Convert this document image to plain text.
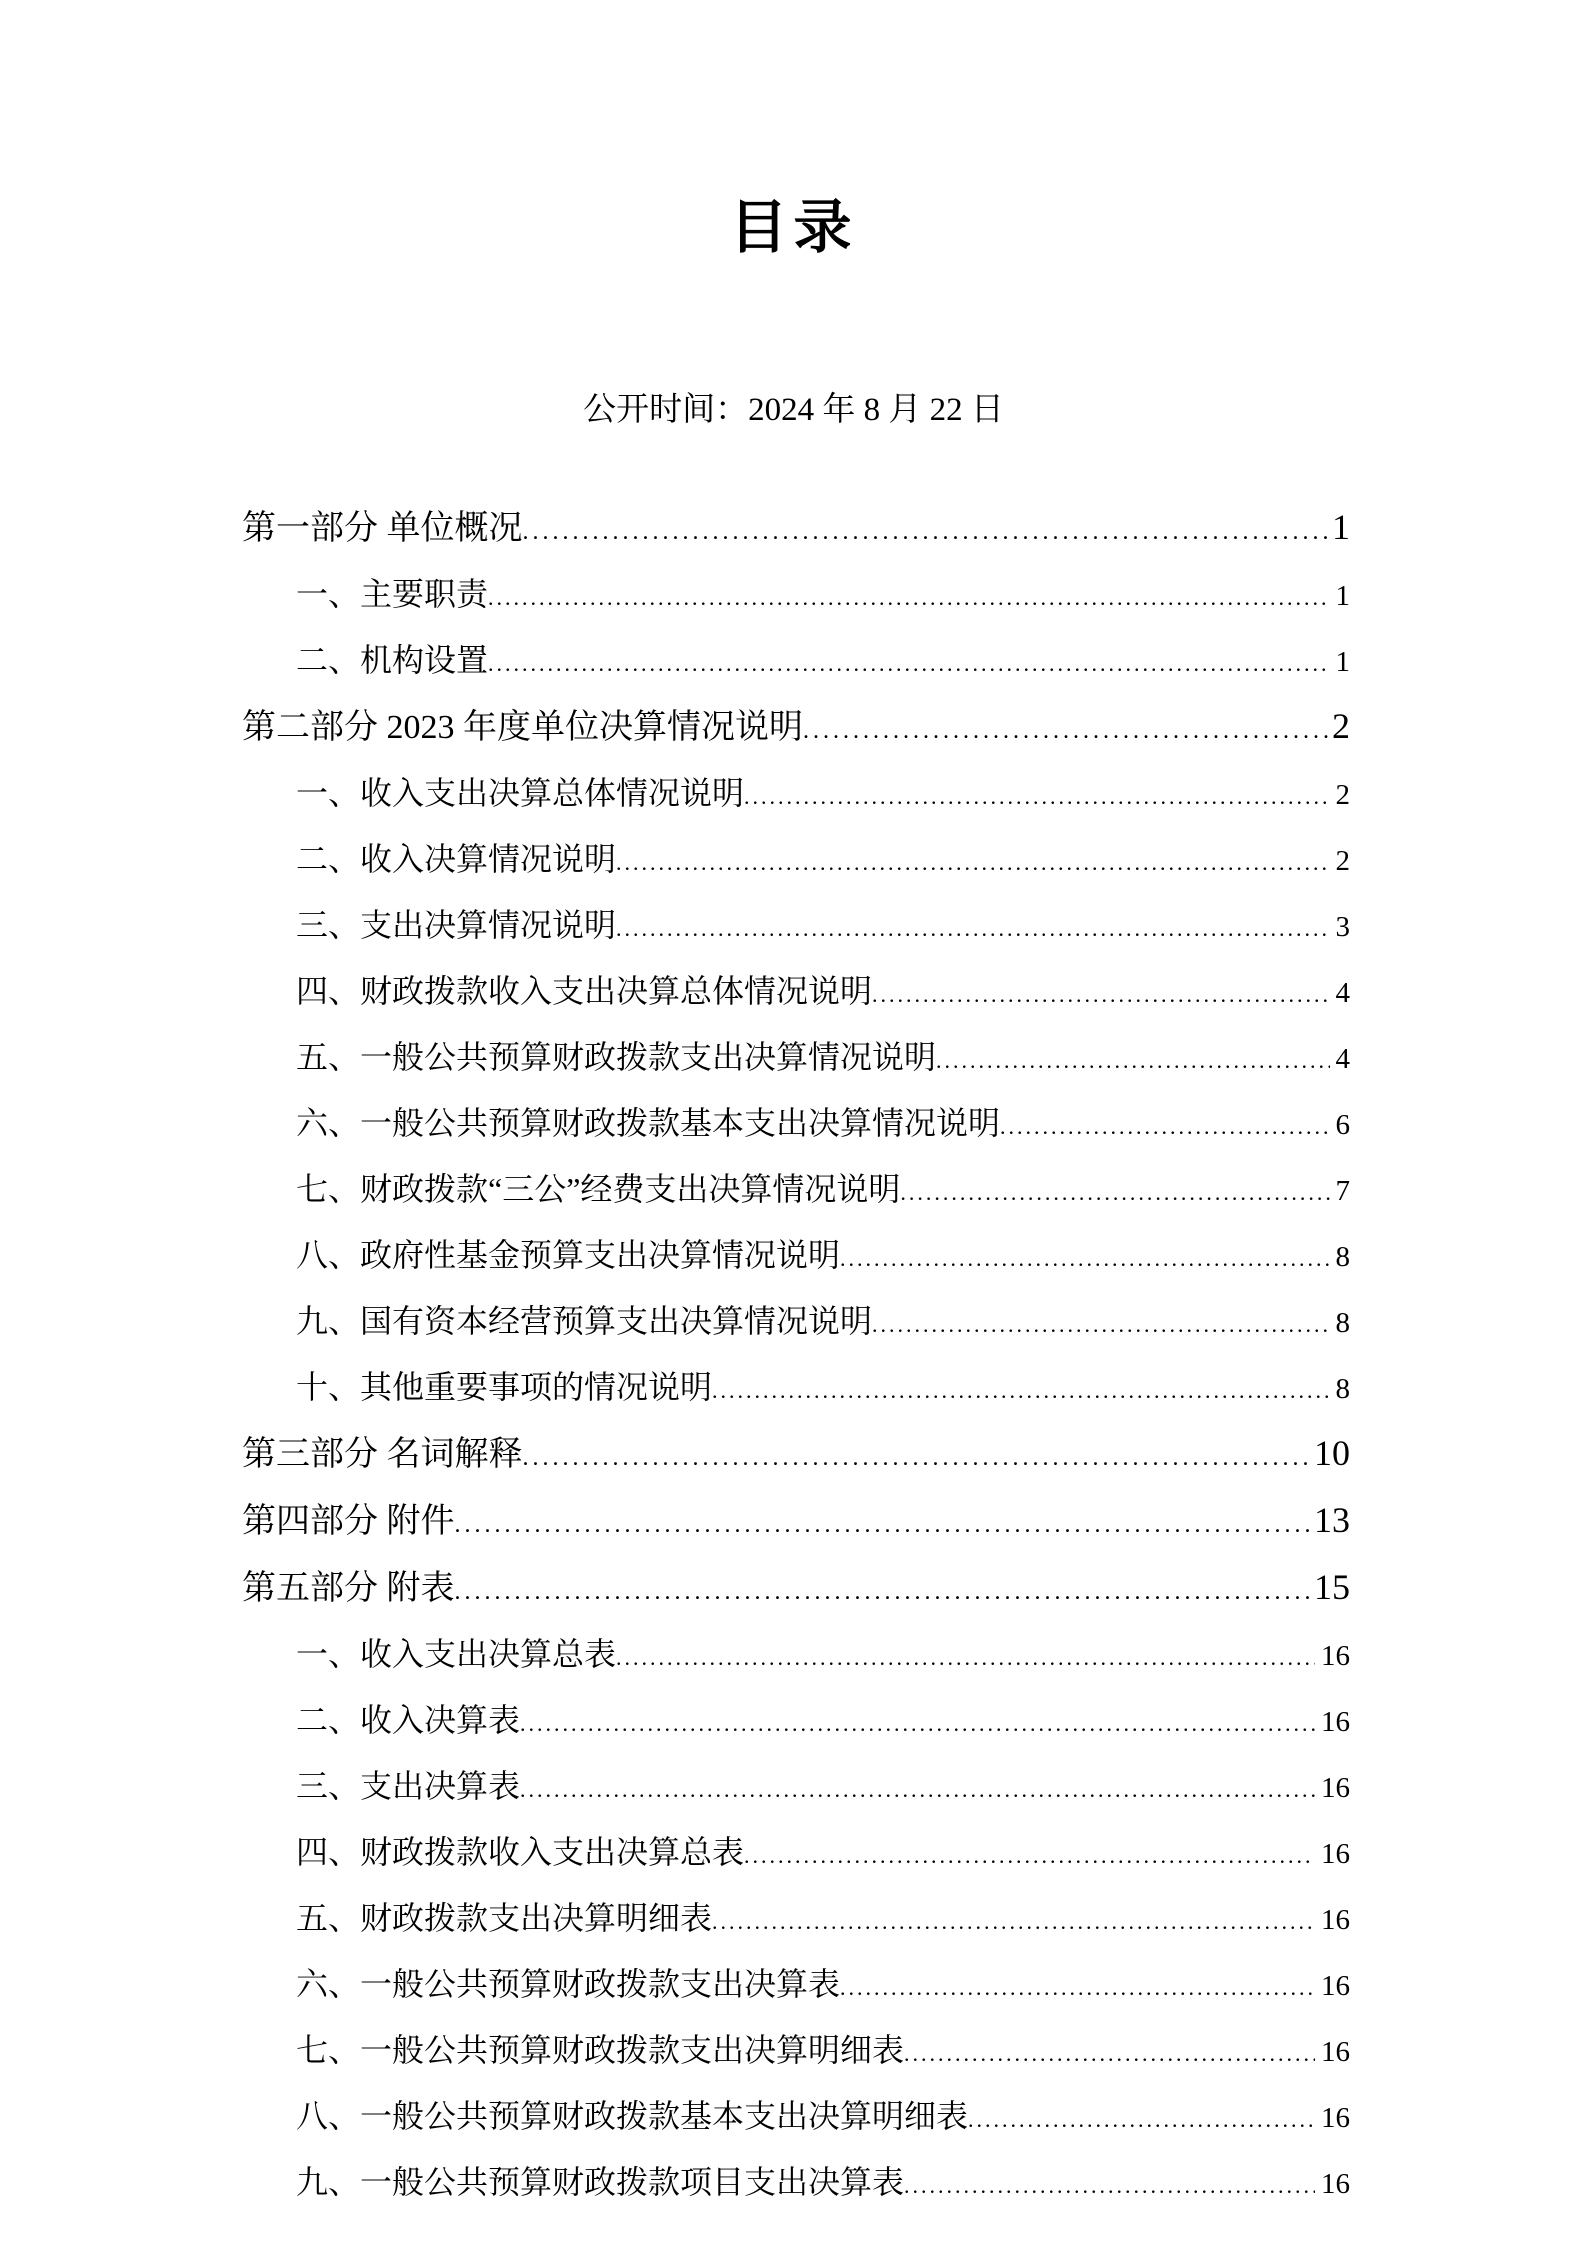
目录

公开时间：2024 年 8 月 22 日

第一部分 单位概况 .....	1
一、主要职责 .....	1
二、机构设置 .....	1
第二部分 2023 年度单位决算情况说明 .....	2
一、收入支出决算总体情况说明 .....	2
二、收入决算情况说明 .....	2
三、支出决算情况说明 .....	3
四、财政拨款收入支出决算总体情况说明 .....	4
五、一般公共预算财政拨款支出决算情况说明 .....	4
六、一般公共预算财政拨款基本支出决算情况说明 .....	6
七、财政拨款“三公”经费支出决算情况说明 .....	7
八、政府性基金预算支出决算情况说明 .....	8
九、国有资本经营预算支出决算情况说明 .....	8
十、其他重要事项的情况说明 .....	8
第三部分 名词解释 .....	10
第四部分 附件 .....	13
第五部分 附表 .....	15
一、收入支出决算总表 .....	16
二、收入决算表 .....	16
三、支出决算表 .....	16
四、财政拨款收入支出决算总表 .....	16
五、财政拨款支出决算明细表 .....	16
六、一般公共预算财政拨款支出决算表 .....	16
七、一般公共预算财政拨款支出决算明细表 .....	16
八、一般公共预算财政拨款基本支出决算明细表 .....	16
九、一般公共预算财政拨款项目支出决算表 .....	16
